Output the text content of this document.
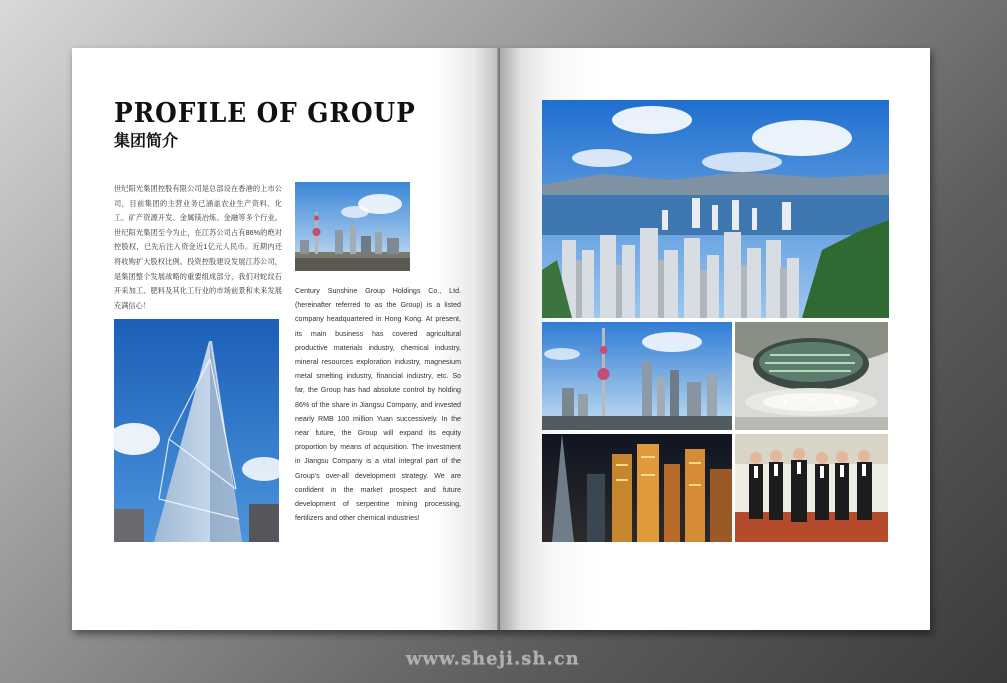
PROFILE OF GROUP
集团简介
世纪阳光集团控股有限公司是总部设在香港的上市公司，目前集团的主营业务已涵盖农业生产资料、化工、矿产资源开发、金属镁冶炼、金融等多个行业。世纪阳光集团至今为止，在江苏公司占有86%的绝对控股权，已先后注入资金近1亿元人民币。近期内还将收购扩大股权比例。投资控股建设发展江苏公司，是集团整个发展战略的重要组成部分，我们对蛇纹石开采加工、肥料及其化工行业的市场前景和未来发展充满信心！
Century Sunshine Group Holdings Co., Ltd. (hereinafter referred to as the Group) is a listed company headquartered in Hong Kong. At present, its main business has covered agricultural productive materials industry, chemical industry, mineral resources exploration industry, magnesium metal smelting industry, financial industry, etc. So far, the Group has had absolute control by holding 86% of the share in Jiangsu Company, and invested nearly RMB 100 million Yuan successively. In the near future, the Group will expand its equity proportion by means of acquisition. The investment in Jiangsu Company is a vital integral part of the Group's over-all development strategy. We are confident in the market prospect and future development of serpentine mining processing, fertilizers and other chemical industries!
www.sheji.sh.cn
